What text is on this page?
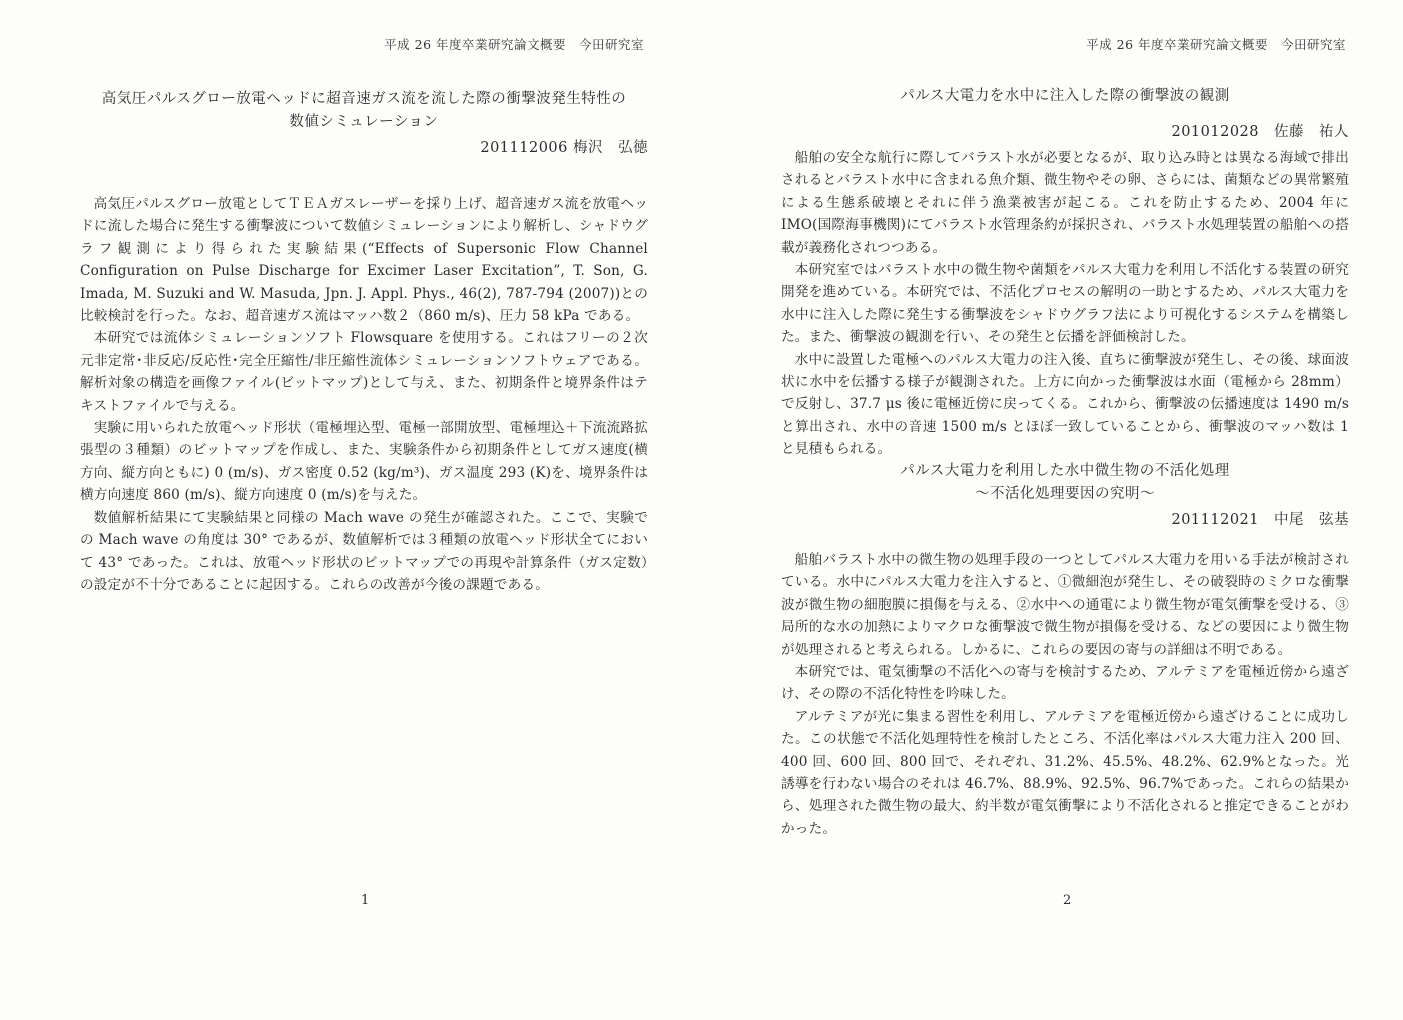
平成 26 年度卒業研究論文概要　今田研究室

高気圧パルスグロー放電ヘッドに超音速ガス流を流した際の衝撃波発生特性の

数値シミュレーション

201112006 梅沢　弘徳

高気圧パルスグロー放電としてＴＥＡガスレーザーを採り上げ、超音速ガス流を放電ヘッドに流した場合に発生する衝撃波について数値シミュレーションにより解析し、シャドウグラフ観測により得られた実験結果(“Effects of Supersonic Flow Channel Configuration on Pulse Discharge for Excimer Laser Excitation”, T. Son, G. Imada, M. Suzuki and W. Masuda, Jpn. J. Appl. Phys., 46(2), 787-794 (2007))との比較検討を行った。なお、超音速ガス流はマッハ数２（860 m/s)、圧力 58 kPa である。

本研究では流体シミュレーションソフト Flowsquare を使用する。これはフリーの２次元非定常･非反応/反応性･完全圧縮性/非圧縮性流体シミュレーションソフトウェアである。解析対象の構造を画像ファイル(ビットマップ)として与え、また、初期条件と境界条件はテキストファイルで与える。

実験に用いられた放電ヘッド形状（電極埋込型、電極一部開放型、電極埋込＋下流流路拡張型の３種類）のビットマップを作成し、また、実験条件から初期条件としてガス速度(横方向、縦方向ともに) 0 (m/s)、ガス密度 0.52 (kg/m³)、ガス温度 293 (K)を、境界条件は横方向速度 860 (m/s)、縦方向速度 0 (m/s)を与えた。

数値解析結果にて実験結果と同様の Mach wave の発生が確認された。ここで、実験での Mach wave の角度は 30° であるが、数値解析では３種類の放電ヘッド形状全てにおいて 43° であった。これは、放電ヘッド形状のビットマップでの再現や計算条件（ガス定数）の設定が不十分であることに起因する。これらの改善が今後の課題である。

1
平成 26 年度卒業研究論文概要　今田研究室

パルス大電力を水中に注入した際の衝撃波の観測

201012028　佐藤　祐人

船舶の安全な航行に際してバラスト水が必要となるが、取り込み時とは異なる海域で排出されるとバラスト水中に含まれる魚介類、微生物やその卵、さらには、菌類などの異常繁殖による生態系破壊とそれに伴う漁業被害が起こる。これを防止するため、2004 年に IMO(国際海事機関)にてバラスト水管理条約が採択され、バラスト水処理装置の船舶への搭載が義務化されつつある。

本研究室ではバラスト水中の微生物や菌類をパルス大電力を利用し不活化する装置の研究開発を進めている。本研究では、不活化プロセスの解明の一助とするため、パルス大電力を水中に注入した際に発生する衝撃波をシャドウグラフ法により可視化するシステムを構築した。また、衝撃波の観測を行い、その発生と伝播を評価検討した。

水中に設置した電極へのパルス大電力の注入後、直ちに衝撃波が発生し、その後、球面波状に水中を伝播する様子が観測された。上方に向かった衝撃波は水面（電極から 28mm）で反射し、37.7 μs 後に電極近傍に戻ってくる。これから、衝撃波の伝播速度は 1490 m/s と算出され、水中の音速 1500 m/s とほぼ一致していることから、衝撃波のマッハ数は 1 と見積もられる。

パルス大電力を利用した水中微生物の不活化処理

～不活化処理要因の究明～

201112021　中尾　弦基

船舶バラスト水中の微生物の処理手段の一つとしてパルス大電力を用いる手法が検討されている。水中にパルス大電力を注入すると、①微細泡が発生し、その破裂時のミクロな衝撃波が微生物の細胞膜に損傷を与える、②水中への通電により微生物が電気衝撃を受ける、③局所的な水の加熱によりマクロな衝撃波で微生物が損傷を受ける、などの要因により微生物が処理されると考えられる。しかるに、これらの要因の寄与の詳細は不明である。

本研究では、電気衝撃の不活化への寄与を検討するため、アルテミアを電極近傍から遠ざけ、その際の不活化特性を吟味した。

アルテミアが光に集まる習性を利用し、アルテミアを電極近傍から遠ざけることに成功した。この状態で不活化処理特性を検討したところ、不活化率はパルス大電力注入 200 回、400 回、600 回、800 回で、それぞれ、31.2%、45.5%、48.2%、62.9%となった。光誘導を行わない場合のそれは 46.7%、88.9%、92.5%、96.7%であった。これらの結果から、処理された微生物の最大、約半数が電気衝撃により不活化されると推定できることがわかった。

2
